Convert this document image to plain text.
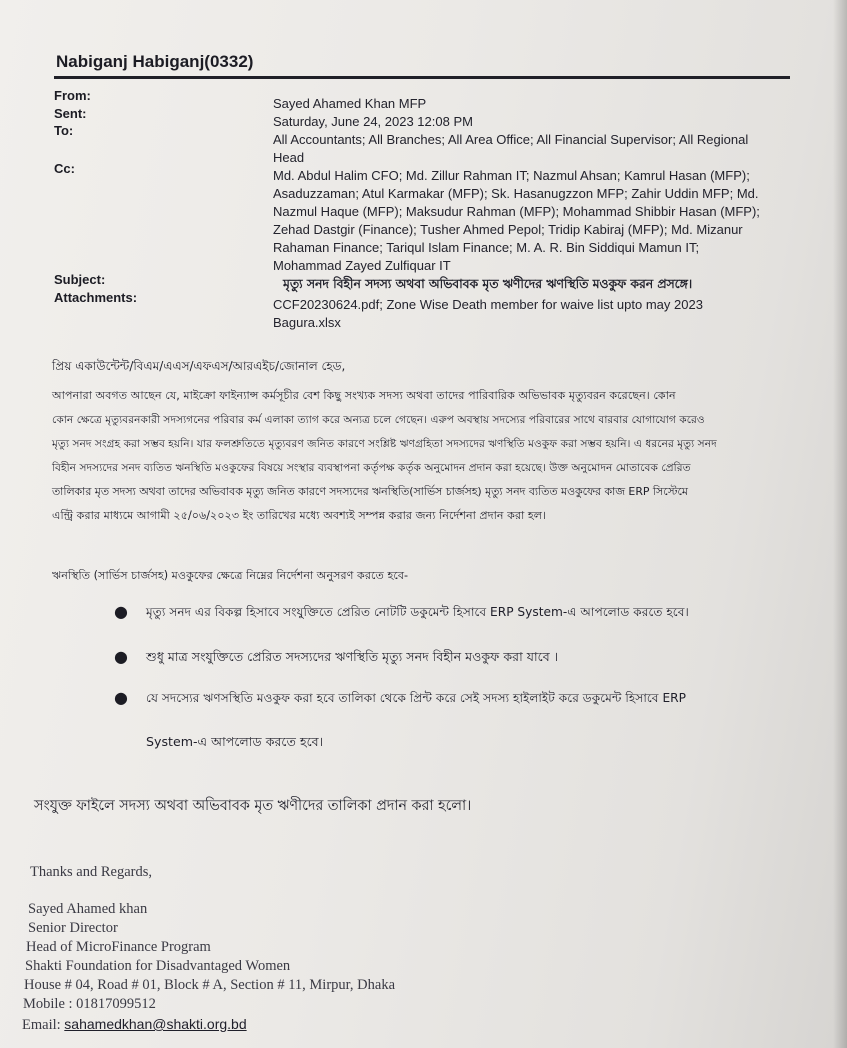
Nabiganj Habiganj(0332)
From:
Sent:
To:
Cc:
Subject:
Attachments:
Sayed Ahamed Khan MFP
Saturday, June 24, 2023 12:08 PM
All Accountants; All Branches; All Area Office; All Financial Supervisor; All Regional
Head
Md. Abdul Halim CFO; Md. Zillur Rahman IT; Nazmul Ahsan; Kamrul Hasan (MFP);
Asaduzzaman; Atul Karmakar (MFP); Sk. Hasanugzzon MFP; Zahir Uddin MFP; Md.
Nazmul Haque (MFP); Maksudur Rahman (MFP); Mohammad Shibbir Hasan (MFP);
Zehad Dastgir (Finance); Tusher Ahmed Pepol; Tridip Kabiraj (MFP); Md. Mizanur
Rahaman Finance; Tariqul Islam Finance; M. A. R. Bin Siddiqui Mamun IT;
Mohammad Zayed Zulfiquar IT
মৃত্যু সনদ বিহীন সদস্য অথবা অভিবাবক মৃত ঋণীদের ঋণস্থিতি মওকুফ করন প্রসঙ্গে।
CCF20230624.pdf; Zone Wise Death member for waive list upto may 2023
Bagura.xlsx
প্রিয় একাউন্টেন্ট/বিএম/এএস/এফএস/আরএইচ/জোনাল হেড,
আপনারা অবগত আছেন যে, মাইক্রো ফাইন্যান্স কর্মসূচীর বেশ কিছু সংখ্যক সদস্য অথবা তাদের পারিবারিক অভিভাবক মৃত্যুবরন করেছেন। কোন
কোন ক্ষেত্রে মৃত্যুবরনকারী সদস্যগনের পরিবার কর্ম এলাকা ত্যাগ করে অন্যত্র চলে গেছেন। এরুপ অবস্থায় সদস্যের পরিবারের সাথে বারবার যোগাযোগ করেও
মৃত্যু সনদ সংগ্রহ করা সম্ভব হয়নি। যার ফলশ্রুতিতে মৃত্যুবরণ জনিত কারণে সংশ্লিষ্ট ঋণগ্রহিতা সদস্যদের ঋণস্থিতি মওকুফ করা সম্ভব হয়নি। এ ধরনের মৃত্যু সনদ
বিহীন সদস্যদের সনদ ব্যতিত ঋনস্থিতি মওকুফের বিষয়ে সংস্থার ব্যবস্থাপনা কর্তৃপক্ষ কর্তৃক অনুমোদন প্রদান করা হয়েছে। উক্ত অনুমোদন মোতাবেক প্রেরিত
তালিকার মৃত সদস্য অথবা তাদের অভিবাবক মৃত্যু জনিত কারণে সদস্যদের ঋনস্থিতি(সার্ভিস চার্জসহ) মৃত্যু সনদ ব্যতিত মওকুফের কাজ ERP সিস্টেমে
এন্ট্রি করার মাধ্যমে আগামী ২৫/০৬/২০২৩ ইং তারিখের মধ্যে অবশ্যই সম্পন্ন করার জন্য নির্দেশনা প্রদান করা হল।
ঋনস্থিতি (সার্ভিস চার্জসহ) মওকুফের ক্ষেত্রে নিম্নের নির্দেশনা অনুসরণ করতে হবে-
● মৃত্যু সনদ এর বিকল্প হিসাবে সংযুক্তিতে প্রেরিত নোটটি ডকুমেন্ট হিসাবে ERP System-এ আপলোড করতে হবে।
● শুধু মাত্র সংযুক্তিতে প্রেরিত সদস্যদের ঋণস্থিতি মৃত্যু সনদ বিহীন মওকুফ করা যাবে ।
● যে সদস্যের ঋণসস্থিতি মওকুফ করা হবে তালিকা থেকে প্রিন্ট করে সেই সদস্য হাইলাইট করে ডকুমেন্ট হিসাবে ERP
System-এ আপলোড করতে হবে।
সংযুক্ত ফাইলে সদস্য অথবা অভিবাবক মৃত ঋণীদের তালিকা প্রদান করা হলো।
Thanks and Regards,
Sayed Ahamed khan
Senior Director
Head of MicroFinance Program
Shakti Foundation for Disadvantaged Women
House # 04, Road # 01, Block # A, Section # 11, Mirpur, Dhaka
Mobile : 01817099512
Email: sahamedkhan@shakti.org.bd
